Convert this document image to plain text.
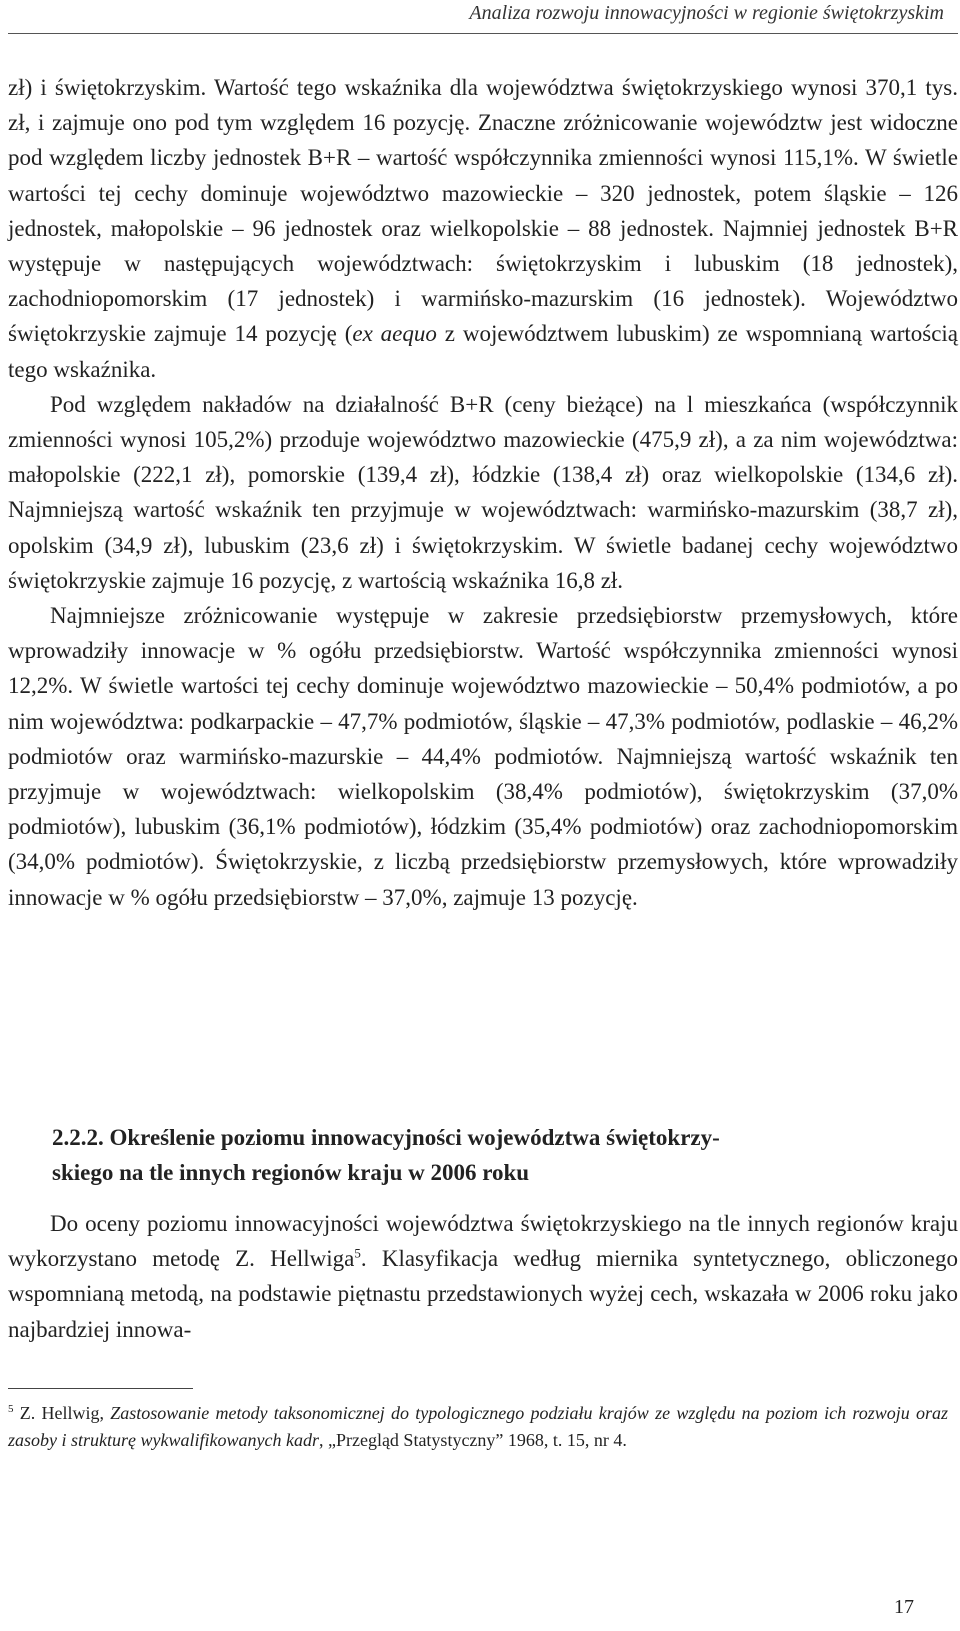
Analiza rozwoju innowacyjności w regionie świętokrzyskim

zł) i świętokrzyskim. Wartość tego wskaźnika dla województwa świętokrzyskiego wynosi 370,1 tys. zł, i zajmuje ono pod tym względem 16 pozycję. Znaczne zróżnicowanie województw jest widoczne pod względem liczby jednostek B+R – wartość współczynnika zmienności wynosi 115,1%. W świetle wartości tej cechy dominuje województwo mazowieckie – 320 jednostek, potem śląskie – 126 jednostek, małopolskie – 96 jednostek oraz wielkopolskie – 88 jednostek. Najmniej jednostek B+R występuje w następujących województwach: świętokrzyskim i lubuskim (18 jednostek), zachodniopomorskim (17 jednostek) i warmińsko-mazurskim (16 jednostek). Województwo świętokrzyskie zajmuje 14 pozycję (ex aequo z województwem lubuskim) ze wspomnianą wartością tego wskaźnika.

Pod względem nakładów na działalność B+R (ceny bieżące) na l mieszkańca (współczynnik zmienności wynosi 105,2%) przoduje województwo mazowieckie (475,9 zł), a za nim województwa: małopolskie (222,1 zł), pomorskie (139,4 zł), łódzkie (138,4 zł) oraz wielkopolskie (134,6 zł). Najmniejszą wartość wskaźnik ten przyjmuje w województwach: warmińsko-mazurskim (38,7 zł), opolskim (34,9 zł), lubuskim (23,6 zł) i świętokrzyskim. W świetle badanej cechy województwo świętokrzyskie zajmuje 16 pozycję, z wartością wskaźnika 16,8 zł.

Najmniejsze zróżnicowanie występuje w zakresie przedsiębiorstw przemysłowych, które wprowadziły innowacje w % ogółu przedsiębiorstw. Wartość współczynnika zmienności wynosi 12,2%. W świetle wartości tej cechy dominuje województwo mazowieckie – 50,4% podmiotów, a po nim województwa: podkarpackie – 47,7% podmiotów, śląskie – 47,3% podmiotów, podlaskie – 46,2% podmiotów oraz warmińsko-mazurskie – 44,4% podmiotów. Najmniejszą wartość wskaźnik ten przyjmuje w województwach: wielkopolskim (38,4% podmiotów), świętokrzyskim (37,0% podmiotów), lubuskim (36,1% podmiotów), łódzkim (35,4% podmiotów) oraz zachodniopomorskim (34,0% podmiotów). Świętokrzyskie, z liczbą przedsiębiorstw przemysłowych, które wprowadziły innowacje w % ogółu przedsiębiorstw – 37,0%, zajmuje 13 pozycję.

2.2.2. Określenie poziomu innowacyjności województwa świętokrzy-
skiego na tle innych regionów kraju w 2006 roku

Do oceny poziomu innowacyjności województwa świętokrzyskiego na tle innych regionów kraju wykorzystano metodę Z. Hellwiga$^5$. Klasyfikacja według miernika syntetycznego, obliczonego wspomnianą metodą, na podstawie piętnastu przedstawionych wyżej cech, wskazała w 2006 roku jako najbardziej innowa-

$^5$ Z. Hellwig, Zastosowanie metody taksonomicznej do typologicznego podziału krajów ze względu na poziom ich rozwoju oraz zasoby i strukturę wykwalifikowanych kadr, „Przegląd Statystyczny” 1968, t. 15, nr 4.

17
